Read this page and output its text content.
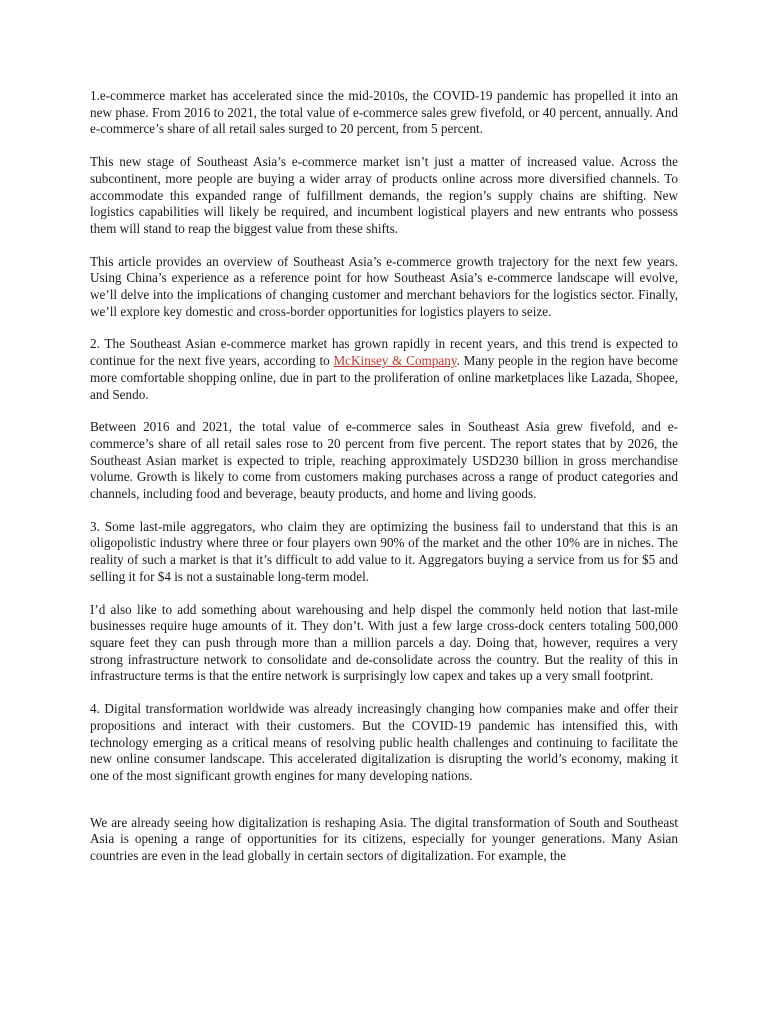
1.e-commerce market has accelerated since the mid-2010s, the COVID-19 pandemic has propelled it into an new phase. From 2016 to 2021, the total value of e-commerce sales grew fivefold, or 40 percent, annually. And e-commerce’s share of all retail sales surged to 20 percent, from 5 percent.

This new stage of Southeast Asia’s e-commerce market isn’t just a matter of increased value. Across the subcontinent, more people are buying a wider array of products online across more diversified channels. To accommodate this expanded range of fulfillment demands, the region’s supply chains are shifting. New logistics capabilities will likely be required, and incumbent logistical players and new entrants who possess them will stand to reap the biggest value from these shifts.

This article provides an overview of Southeast Asia’s e-commerce growth trajectory for the next few years. Using China’s experience as a reference point for how Southeast Asia’s e-commerce landscape will evolve, we’ll delve into the implications of changing customer and merchant behaviors for the logistics sector. Finally, we’ll explore key domestic and cross-border opportunities for logistics players to seize.

2. The Southeast Asian e-commerce market has grown rapidly in recent years, and this trend is expected to continue for the next five years, according to McKinsey & Company. Many people in the region have become more comfortable shopping online, due in part to the proliferation of online marketplaces like Lazada, Shopee, and Sendo.

Between 2016 and 2021, the total value of e-commerce sales in Southeast Asia grew fivefold, and e-commerce’s share of all retail sales rose to 20 percent from five percent. The report states that by 2026, the Southeast Asian market is expected to triple, reaching approximately USD230 billion in gross merchandise volume. Growth is likely to come from customers making purchases across a range of product categories and channels, including food and beverage, beauty products, and home and living goods.

3. Some last-mile aggregators, who claim they are optimizing the business fail to understand that this is an oligopolistic industry where three or four players own 90% of the market and the other 10% are in niches. The reality of such a market is that it’s difficult to add value to it. Aggregators buying a service from us for $5 and selling it for $4 is not a sustainable long-term model.

I’d also like to add something about warehousing and help dispel the commonly held notion that last-mile businesses require huge amounts of it. They don’t. With just a few large cross-dock centers totaling 500,000 square feet they can push through more than a million parcels a day. Doing that, however, requires a very strong infrastructure network to consolidate and de-consolidate across the country. But the reality of this in infrastructure terms is that the entire network is surprisingly low capex and takes up a very small footprint.

4. Digital transformation worldwide was already increasingly changing how companies make and offer their propositions and interact with their customers. But the COVID-19 pandemic has intensified this, with technology emerging as a critical means of resolving public health challenges and continuing to facilitate the new online consumer landscape. This accelerated digitalization is disrupting the world’s economy, making it one of the most significant growth engines for many developing nations.

We are already seeing how digitalization is reshaping Asia. The digital transformation of South and Southeast Asia is opening a range of opportunities for its citizens, especially for younger generations. Many Asian countries are even in the lead globally in certain sectors of digitalization. For example, the
